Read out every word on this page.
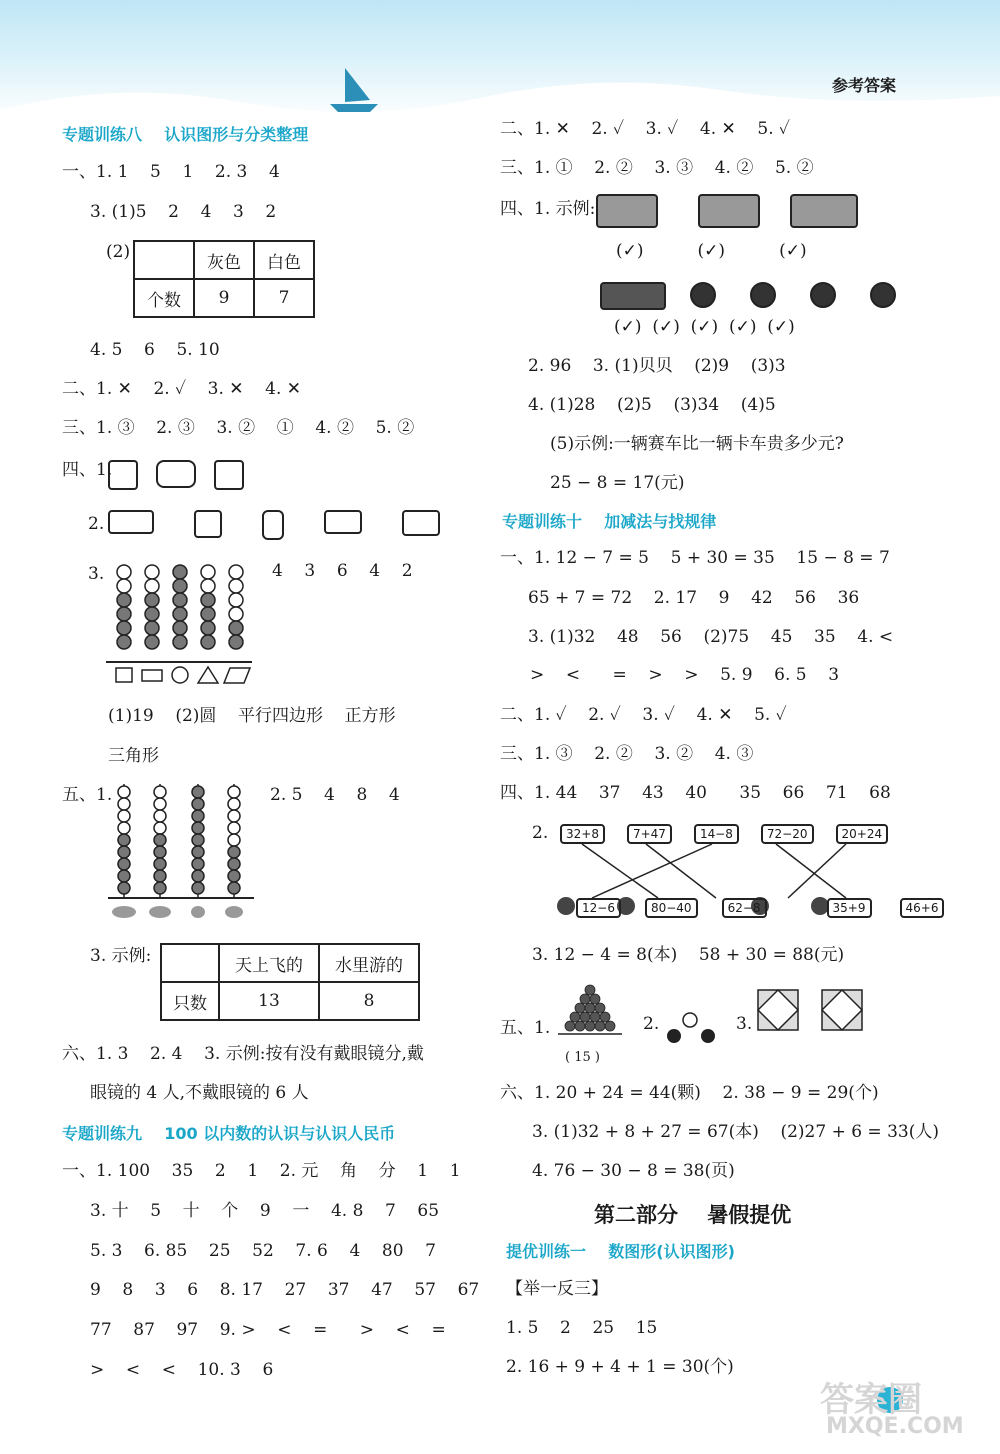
参考答案
专题训练八    认识图形与分类整理
一、1. 1    5    1    2. 3    4
3. (1)5    2    4    3    2
(2)
	灰色	白色
个数	9	7
4. 5    6    5. 10
二、1. ✕    2. ✓    3. ✕    4. ✕
三、1. ③    2. ③    3. ②    ①    4. ②    5. ②
四、1.
2.
3.	4    3    6    4    2
(1)19    (2)圆    平行四边形    正方形
三角形
五、1.	2. 5    4    8    4
3. 示例:
		天上飞的	水里游的
只数	13	8
六、1. 3    2. 4    3. 示例:按有没有戴眼镜分,戴
眼镜的 4 人,不戴眼镜的 6 人
专题训练九    100 以内数的认识与认识人民币
一、1. 100    35    2    1    2. 元    角    分    1    1
3. 十    5    十    个    9    一    4. 8    7    65
5. 3    6. 85    25    52    7. 6    4    80    7
9    8    3    6    8. 17    27    37    47    57    67
77    87    97    9. >    <    =      >    <    =
>    <    <    10. 3    6
二、1. ✕    2. ✓    3. ✓    4. ✕    5. ✓
三、1. ①    2. ②    3. ③    4. ②    5. ②
四、1. 示例:
(✓)          (✓)          (✓)
(✓)  (✓)  (✓)  (✓)  (✓)
2. 96    3. (1)贝贝    (2)9    (3)3
4. (1)28    (2)5    (3)34    (4)5
(5)示例:一辆赛车比一辆卡车贵多少元?
25 − 8 = 17(元)
专题训练十    加减法与找规律
一、1. 12 − 7 = 5    5 + 30 = 35    15 − 8 = 7
65 + 7 = 72    2. 17    9    42    56    36
3. (1)32    48    56    (2)75    45    35    4. <
>    <      =    >    >    5. 9    6. 5    3
二、1. ✓    2. ✓    3. ✓    4. ✕    5. ✓
三、1. ③    2. ②    3. ②    4. ③
四、1. 44    37    43    40      35    66    71    68
2.	32+8	7+47	14−8	72−20	20+24
12−6	80−40	62−8	35+9	46+6
3. 12 − 4 = 8(本)    58 + 30 = 88(元)
五、1.
( 15 )
2.	3.
六、1. 20 + 24 = 44(颗)    2. 38 − 9 = 29(个)
3. (1)32 + 8 + 27 = 67(本)    (2)27 + 6 = 33(人)
4. 76 − 30 − 8 = 38(页)
第二部分    暑假提优
提优训练一    数图形(认识图形)
【举一反三】
1. 5    2    25    15
2. 16 + 9 + 4 + 1 = 30(个)
答案圈
MXQE.COM
